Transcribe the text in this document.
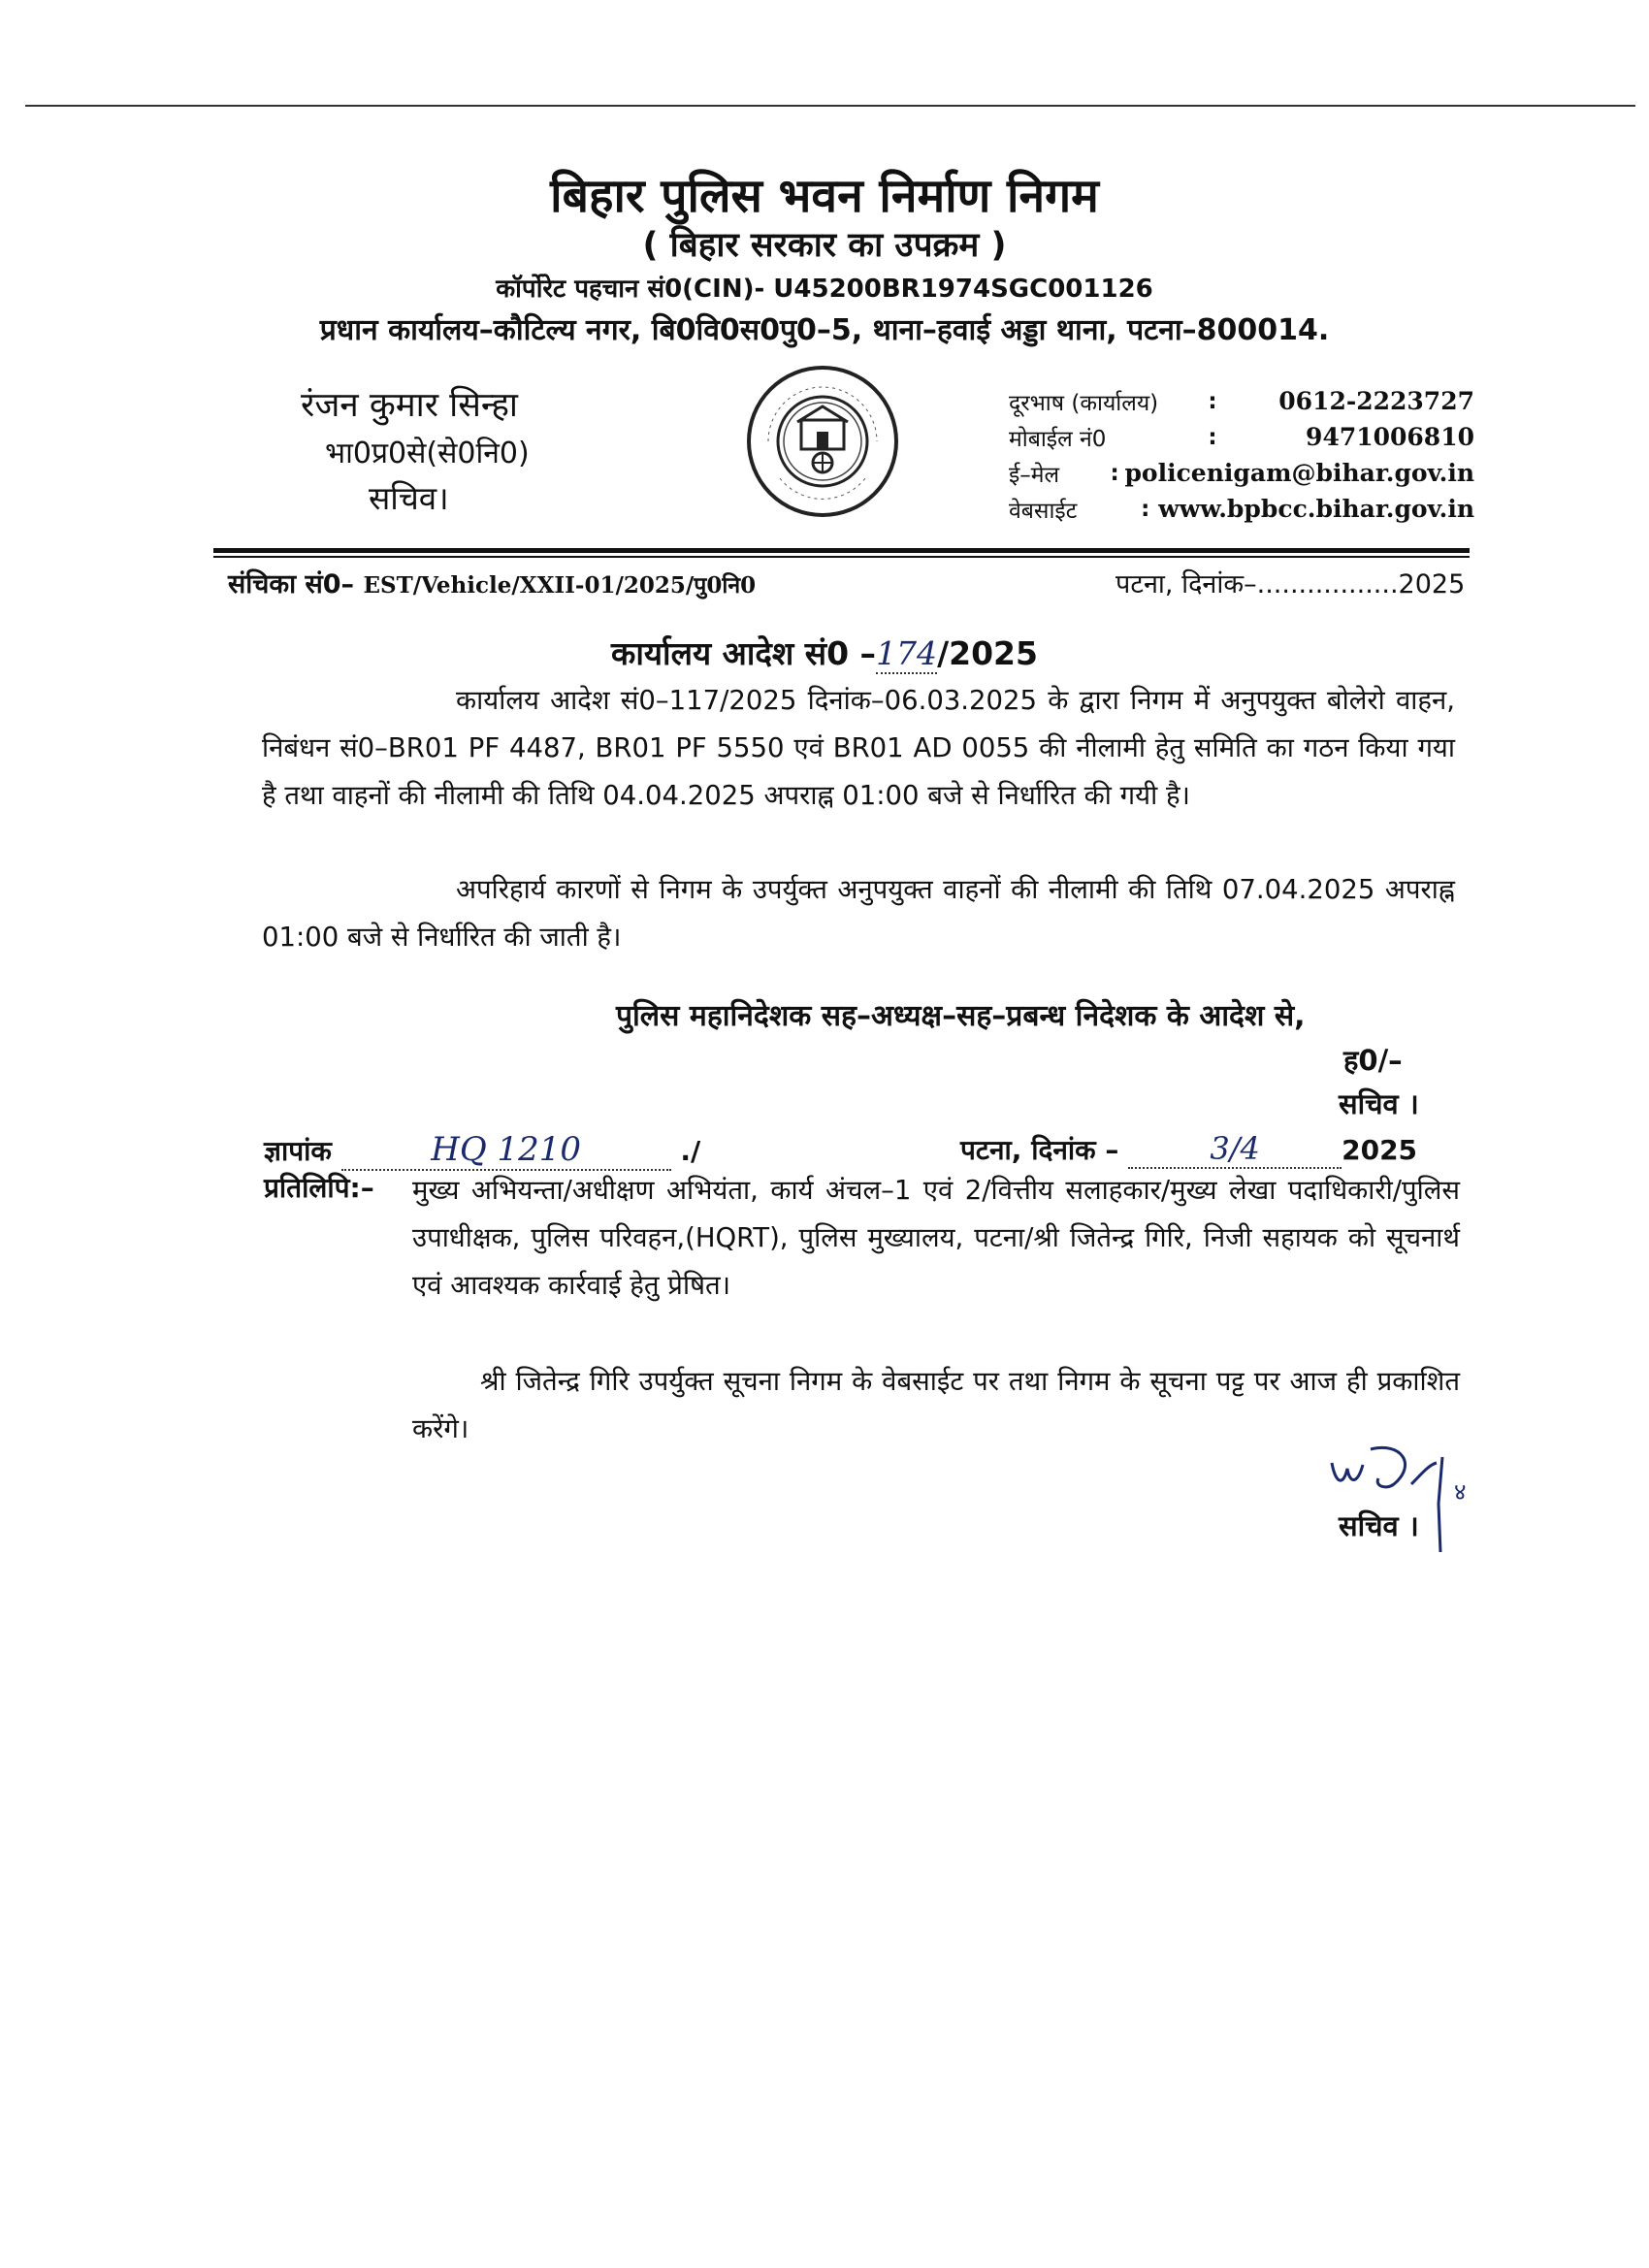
बिहार पुलिस भवन निर्माण निगम
( बिहार सरकार का उपक्रम )
कॉर्पोरेट पहचान सं0(CIN)- U45200BR1974SGC001126
प्रधान कार्यालय–कौटिल्य नगर, बि0वि0स0पु0–5, थाना–हवाई अड्डा थाना, पटना–800014.
रंजन कुमार सिन्हा
भा0प्र0से(से0नि0)
सचिव।
दूरभाष (कार्यालय)	:	0612-2223727
मोबाईल नं0	:	9471006810
ई–मेल	: policenigam@bihar.gov.in
वेबसाईट	: www.bpbcc.bihar.gov.in
संचिका सं0– EST/Vehicle/XXII-01/2025/पु0नि0	पटना, दिनांक–.................2025
कार्यालय आदेश सं0 –174/2025
कार्यालय आदेश सं0–117/2025 दिनांक–06.03.2025 के द्वारा निगम में अनुपयुक्त बोलेरो वाहन, निबंधन सं0–BR01 PF 4487, BR01 PF 5550 एवं BR01 AD 0055 की नीलामी हेतु समिति का गठन किया गया है तथा वाहनों की नीलामी की तिथि 04.04.2025 अपराह्न 01:00 बजे से निर्धारित की गयी है।
अपरिहार्य कारणों से निगम के उपर्युक्त अनुपयुक्त वाहनों की नीलामी की तिथि 07.04.2025 अपराह्न 01:00 बजे से निर्धारित की जाती है।
पुलिस महानिदेशक सह–अध्यक्ष–सह–प्रबन्ध निदेशक के आदेश से,
ह0/–
सचिव ।
ज्ञापांक	HQ 1210	./	पटना, दिनांक –	3/4	2025
प्रतिलिपि:– मुख्य अभियन्ता/अधीक्षण अभियंता, कार्य अंचल–1 एवं 2/वित्तीय सलाहकार/मुख्य लेखा पदाधिकारी/पुलिस उपाधीक्षक, पुलिस परिवहन,(HQRT), पुलिस मुख्यालय, पटना/श्री जितेन्द्र गिरि, निजी सहायक को सूचनार्थ एवं आवश्यक कार्रवाई हेतु प्रेषित।
श्री जितेन्द्र गिरि उपर्युक्त सूचना निगम के वेबसाईट पर तथा निगम के सूचना पट्ट पर आज ही प्रकाशित करेंगे।
४
सचिव ।
